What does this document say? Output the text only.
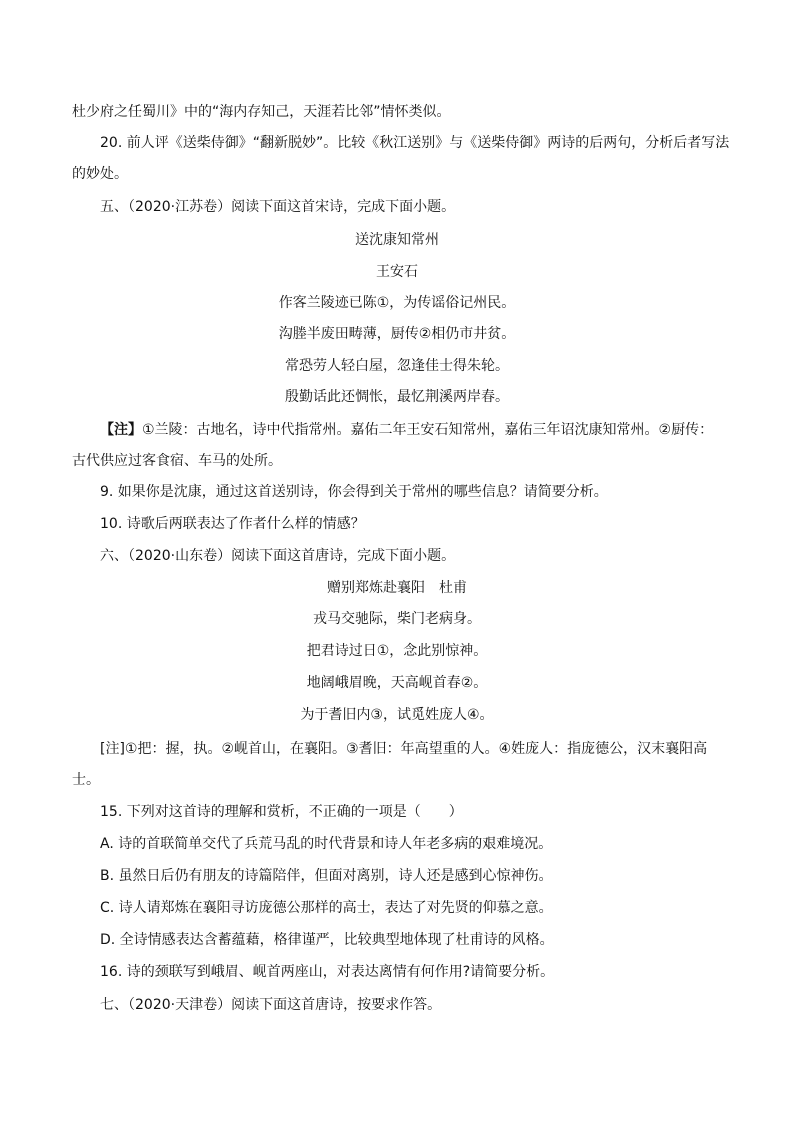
杜少府之任蜀川》中的“海内存知己，天涯若比邻”情怀类似。
20. 前人评《送柴侍御》“翻新脱妙”。比较《秋江送别》与《送柴侍御》两诗的后两句，分析后者写法
的妙处。
五、（2020·江苏卷）阅读下面这首宋诗，完成下面小题。
送沈康知常州
王安石
作客兰陵迹已陈①，为传谣俗记州民。
沟塍半废田畴薄，厨传②相仍市井贫。
常恐劳人轻白屋，忽逢佳士得朱轮。
殷勤话此还惆怅，最忆荆溪两岸春。
【注】①兰陵：古地名，诗中代指常州。嘉佑二年王安石知常州，嘉佑三年诏沈康知常州。②厨传：
古代供应过客食宿、车马的处所。
9. 如果你是沈康，通过这首送别诗，你会得到关于常州的哪些信息？请简要分析。
10. 诗歌后两联表达了作者什么样的情感？
六、（2020·山东卷）阅读下面这首唐诗，完成下面小题。
赠别郑炼赴襄阳　杜甫
戎马交驰际，柴门老病身。
把君诗过日①，念此别惊神。
地阔峨眉晚，天高岘首春②。
为于耆旧内③，试觅姓庞人④。
[注]①把：握，执。②岘首山，在襄阳。③耆旧：年高望重的人。④姓庞人：指庞德公，汉末襄阳高
士。
15. 下列对这首诗的理解和赏析，不正确的一项是（　　）
A. 诗的首联简单交代了兵荒马乱的时代背景和诗人年老多病的艰难境况。
B. 虽然日后仍有朋友的诗篇陪伴，但面对离别，诗人还是感到心惊神伤。
C. 诗人请郑炼在襄阳寻访庞德公那样的高士，表达了对先贤的仰慕之意。
D. 全诗情感表达含蓄蕴藉，格律谨严，比较典型地体现了杜甫诗的风格。
16. 诗的颈联写到峨眉、岘首两座山，对表达离情有何作用?请简要分析。
七、（2020·天津卷）阅读下面这首唐诗，按要求作答。
